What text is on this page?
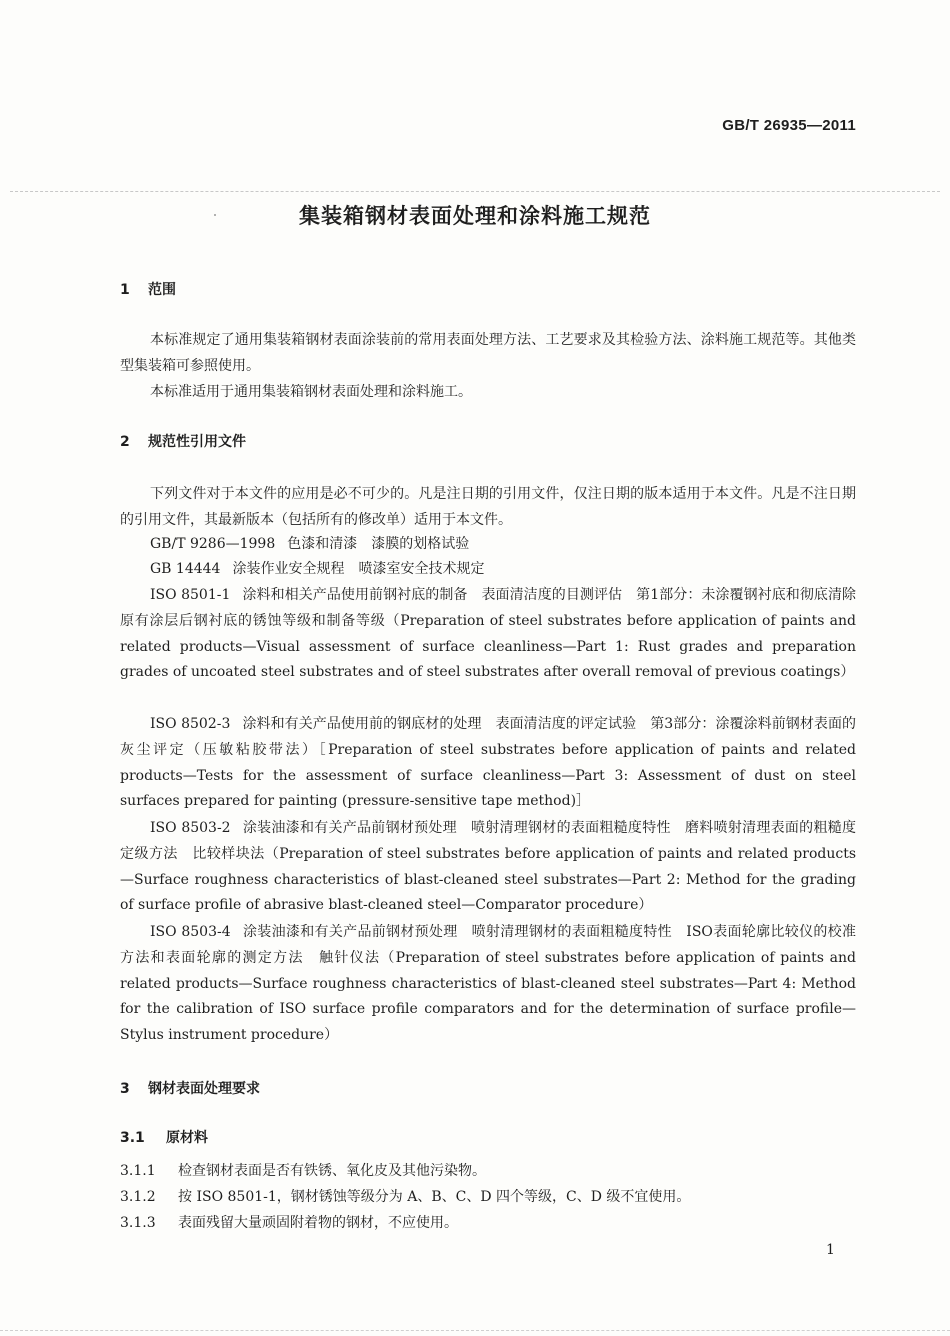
GB/T 26935—2011
集装箱钢材表面处理和涂料施工规范
1 范围
本标准规定了通用集装箱钢材表面涂装前的常用表面处理方法、工艺要求及其检验方法、涂料施工规范等。其他类型集装箱可参照使用。
本标准适用于通用集装箱钢材表面处理和涂料施工。
2 规范性引用文件
下列文件对于本文件的应用是必不可少的。凡是注日期的引用文件，仅注日期的版本适用于本文件。凡是不注日期的引用文件，其最新版本（包括所有的修改单）适用于本文件。
GB/T 9286—1998 色漆和清漆 漆膜的划格试验
GB 14444 涂装作业安全规程 喷漆室安全技术规定
ISO 8501-1 涂料和相关产品使用前钢衬底的制备 表面清洁度的目测评估　第1部分：未涂覆钢衬底和彻底清除原有涂层后钢衬底的锈蚀等级和制备等级（Preparation of steel substrates before application of paints and related products—Visual assessment of surface cleanliness—Part 1: Rust grades and preparation grades of uncoated steel substrates and of steel substrates after overall removal of previous coatings）
ISO 8502-3 涂料和有关产品使用前的钢底材的处理 表面清洁度的评定试验　第3部分：涂覆涂料前钢材表面的灰尘评定（压敏粘胶带法）［Preparation of steel substrates before application of paints and related products—Tests for the assessment of surface cleanliness—Part 3: Assessment of dust on steel surfaces prepared for painting (pressure-sensitive tape method)］
ISO 8503-2 涂装油漆和有关产品前钢材预处理 喷射清理钢材的表面粗糙度特性　磨料喷射清理表面的粗糙度定级方法　比较样块法（Preparation of steel substrates before application of paints and related products—Surface roughness characteristics of blast-cleaned steel substrates—Part 2: Method for the grading of surface profile of abrasive blast-cleaned steel—Comparator procedure）
ISO 8503-4 涂装油漆和有关产品前钢材预处理 喷射清理钢材的表面粗糙度特性　ISO表面轮廓比较仪的校准方法和表面轮廓的测定方法　触针仪法（Preparation of steel substrates before application of paints and related products—Surface roughness characteristics of blast-cleaned steel substrates—Part 4: Method for the calibration of ISO surface profile comparators and for the determination of surface profile—Stylus instrument procedure）
3 钢材表面处理要求
3.1 原材料
3.1.1 检查钢材表面是否有铁锈、氧化皮及其他污染物。
3.1.2 按 ISO 8501-1，钢材锈蚀等级分为 A、B、C、D 四个等级，C、D 级不宜使用。
3.1.3 表面残留大量顽固附着物的钢材，不应使用。
1
